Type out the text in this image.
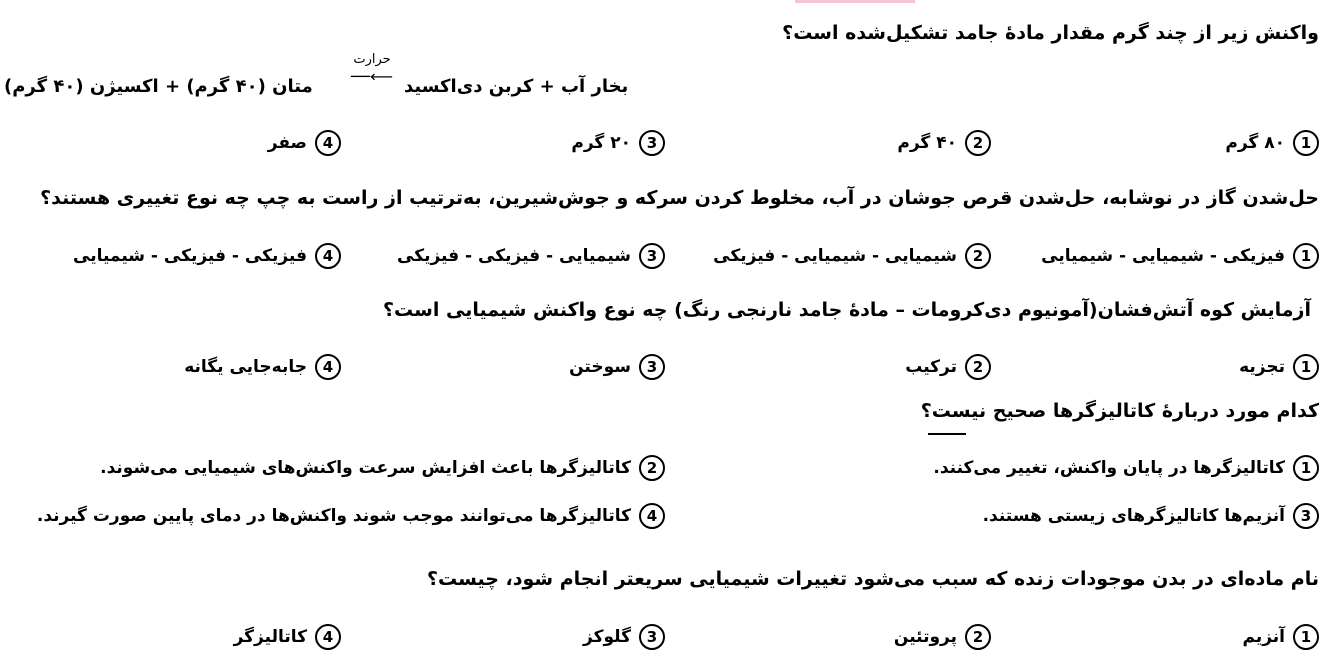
واکنش زیر از چند گرم مقدار مادهٔ جامد تشکیل‌شده است؟
متان (۴۰ گرم) + اکسیژن (۴۰ گرم)
حرارت
⟵── بخار آب + کربن دی‌اکسید
1
۸۰ گرم
2
۴۰ گرم
3
۲۰ گرم
4
صفر
حل‌شدن گاز در نوشابه، حل‌شدن قرص جوشان در آب، مخلوط کردن سرکه و جوش‌شیرین، به‌ترتیب از راست به چپ چه نوع تغییری هستند؟
1
فیزیکی - شیمیایی - شیمیایی
2
شیمیایی - شیمیایی - فیزیکی
3
شیمیایی - فیزیکی - فیزیکی
4
فیزیکی - فیزیکی - شیمیایی
آزمایش کوه آتش‌فشان(آمونیوم دی‌کرومات – مادهٔ جامد نارنجی رنگ) چه نوع واکنش شیمیایی است؟
1
تجزیه
2
ترکیب
3
سوختن
4
جابه‌جایی یگانه
کدام مورد دربارهٔ کاتالیزگرها صحیح نیست؟
1
کاتالیزگرها در پایان واکنش، تغییر می‌کنند.
2
کاتالیزگرها باعث افزایش سرعت واکنش‌های شیمیایی می‌شوند.
3
آنزیم‌ها کاتالیزگرهای زیستی هستند.
4
کاتالیزگرها می‌توانند موجب شوند واکنش‌ها در دمای پایین صورت گیرند.
نام ماده‌ای در بدن موجودات زنده که سبب می‌شود تغییرات شیمیایی سریعتر انجام شود، چیست؟
1
آنزیم
2
پروتئین
3
گلوکز
4
کاتالیزگر
